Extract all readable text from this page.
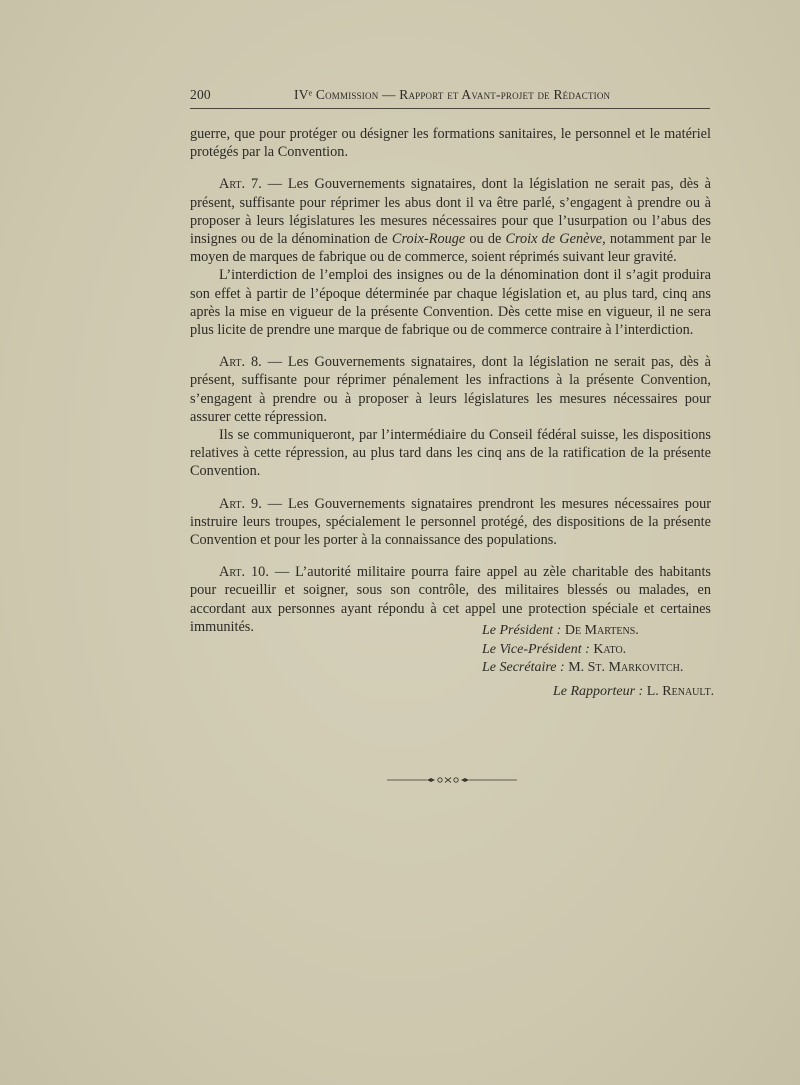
200	IVᵉ Commission — Rapport et Avant-projet de Rédaction

guerre, que pour protéger ou désigner les formations sanitaires, le personnel et le matériel protégés par la Convention.

Art. 7. — Les Gouvernements signataires, dont la législation ne serait pas, dès à présent, suffisante pour réprimer les abus dont il va être parlé, s’engagent à prendre ou à proposer à leurs législatures les mesures nécessaires pour que l’usurpation ou l’abus des insignes ou de la dénomination de Croix-Rouge ou de Croix de Genève, notamment par le moyen de marques de fabrique ou de commerce, soient réprimés suivant leur gravité.

L’interdiction de l’emploi des insignes ou de la dénomination dont il s’agit produira son effet à partir de l’époque déterminée par chaque législation et, au plus tard, cinq ans après la mise en vigueur de la présente Convention. Dès cette mise en vigueur, il ne sera plus licite de prendre une marque de fabrique ou de commerce contraire à l’interdiction.

Art. 8. — Les Gouvernements signataires, dont la législation ne serait pas, dès à présent, suffisante pour réprimer pénalement les infractions à la présente Convention, s’engagent à prendre ou à proposer à leurs législatures les mesures nécessaires pour assurer cette répression.

Ils se communiqueront, par l’intermédiaire du Conseil fédéral suisse, les dispositions relatives à cette répression, au plus tard dans les cinq ans de la ratification de la présente Convention.

Art. 9. — Les Gouvernements signataires prendront les mesures nécessaires pour instruire leurs troupes, spécialement le personnel protégé, des dispositions de la présente Convention et pour les porter à la connaissance des populations.

Art. 10. — L’autorité militaire pourra faire appel au zèle charitable des habitants pour recueillir et soigner, sous son contrôle, des militaires blessés ou malades, en accordant aux personnes ayant répondu à cet appel une protection spéciale et certaines immunités.	Le Président : De Martens.
Le Vice-Président : Kato.
Le Secrétaire : M. St. Markovitch.
Le Rapporteur : L. Renault.
